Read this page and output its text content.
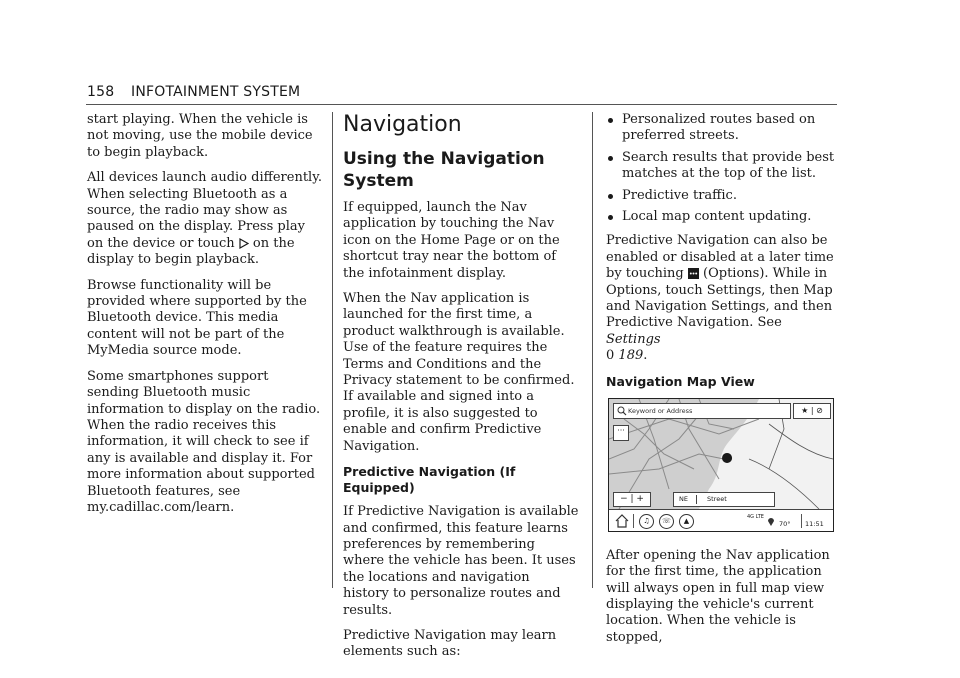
158 INFOTAINMENT SYSTEM

start playing. When the vehicle is not moving, use the mobile device to begin playback.

All devices launch audio differently. When selecting Bluetooth as a source, the radio may show as paused on the display. Press play on the device or touch on the display to begin playback.

Browse functionality will be provided where supported by the Bluetooth device. This media content will not be part of the MyMedia source mode.

Some smartphones support sending Bluetooth music information to display on the radio. When the radio receives this information, it will check to see if any is available and display it. For more information about supported Bluetooth features, see my.cadillac.com/learn.

Navigation
Using the Navigation System

If equipped, launch the Nav application by touching the Nav icon on the Home Page or on the shortcut tray near the bottom of the infotainment display.

When the Nav application is launched for the first time, a product walkthrough is available. Use of the feature requires the Terms and Conditions and the Privacy statement to be confirmed. If available and signed into a profile, it is also suggested to enable and confirm Predictive Navigation.

Predictive Navigation (If Equipped)

If Predictive Navigation is available and confirmed, this feature learns preferences by remembering where the vehicle has been. It uses the locations and navigation history to personalize routes and results.

Predictive Navigation may learn elements such as:

Personalized routes based on preferred streets.
Search results that provide best matches at the top of the list.
Predictive traffic.
Local map content updating.

Predictive Navigation can also be enabled or disabled at a later time by touching (Options). While in Options, touch Settings, then Map and Navigation Settings, and then Predictive Navigation. See Settings
0 189.

Navigation Map View
Keyword or Address	★ | ⊘
···
− | +	NE	Street
♫	☏	▲	4G LTE
70° 11:51

After opening the Nav application for the first time, the application will always open in full map view displaying the vehicle's current location. When the vehicle is stopped,
